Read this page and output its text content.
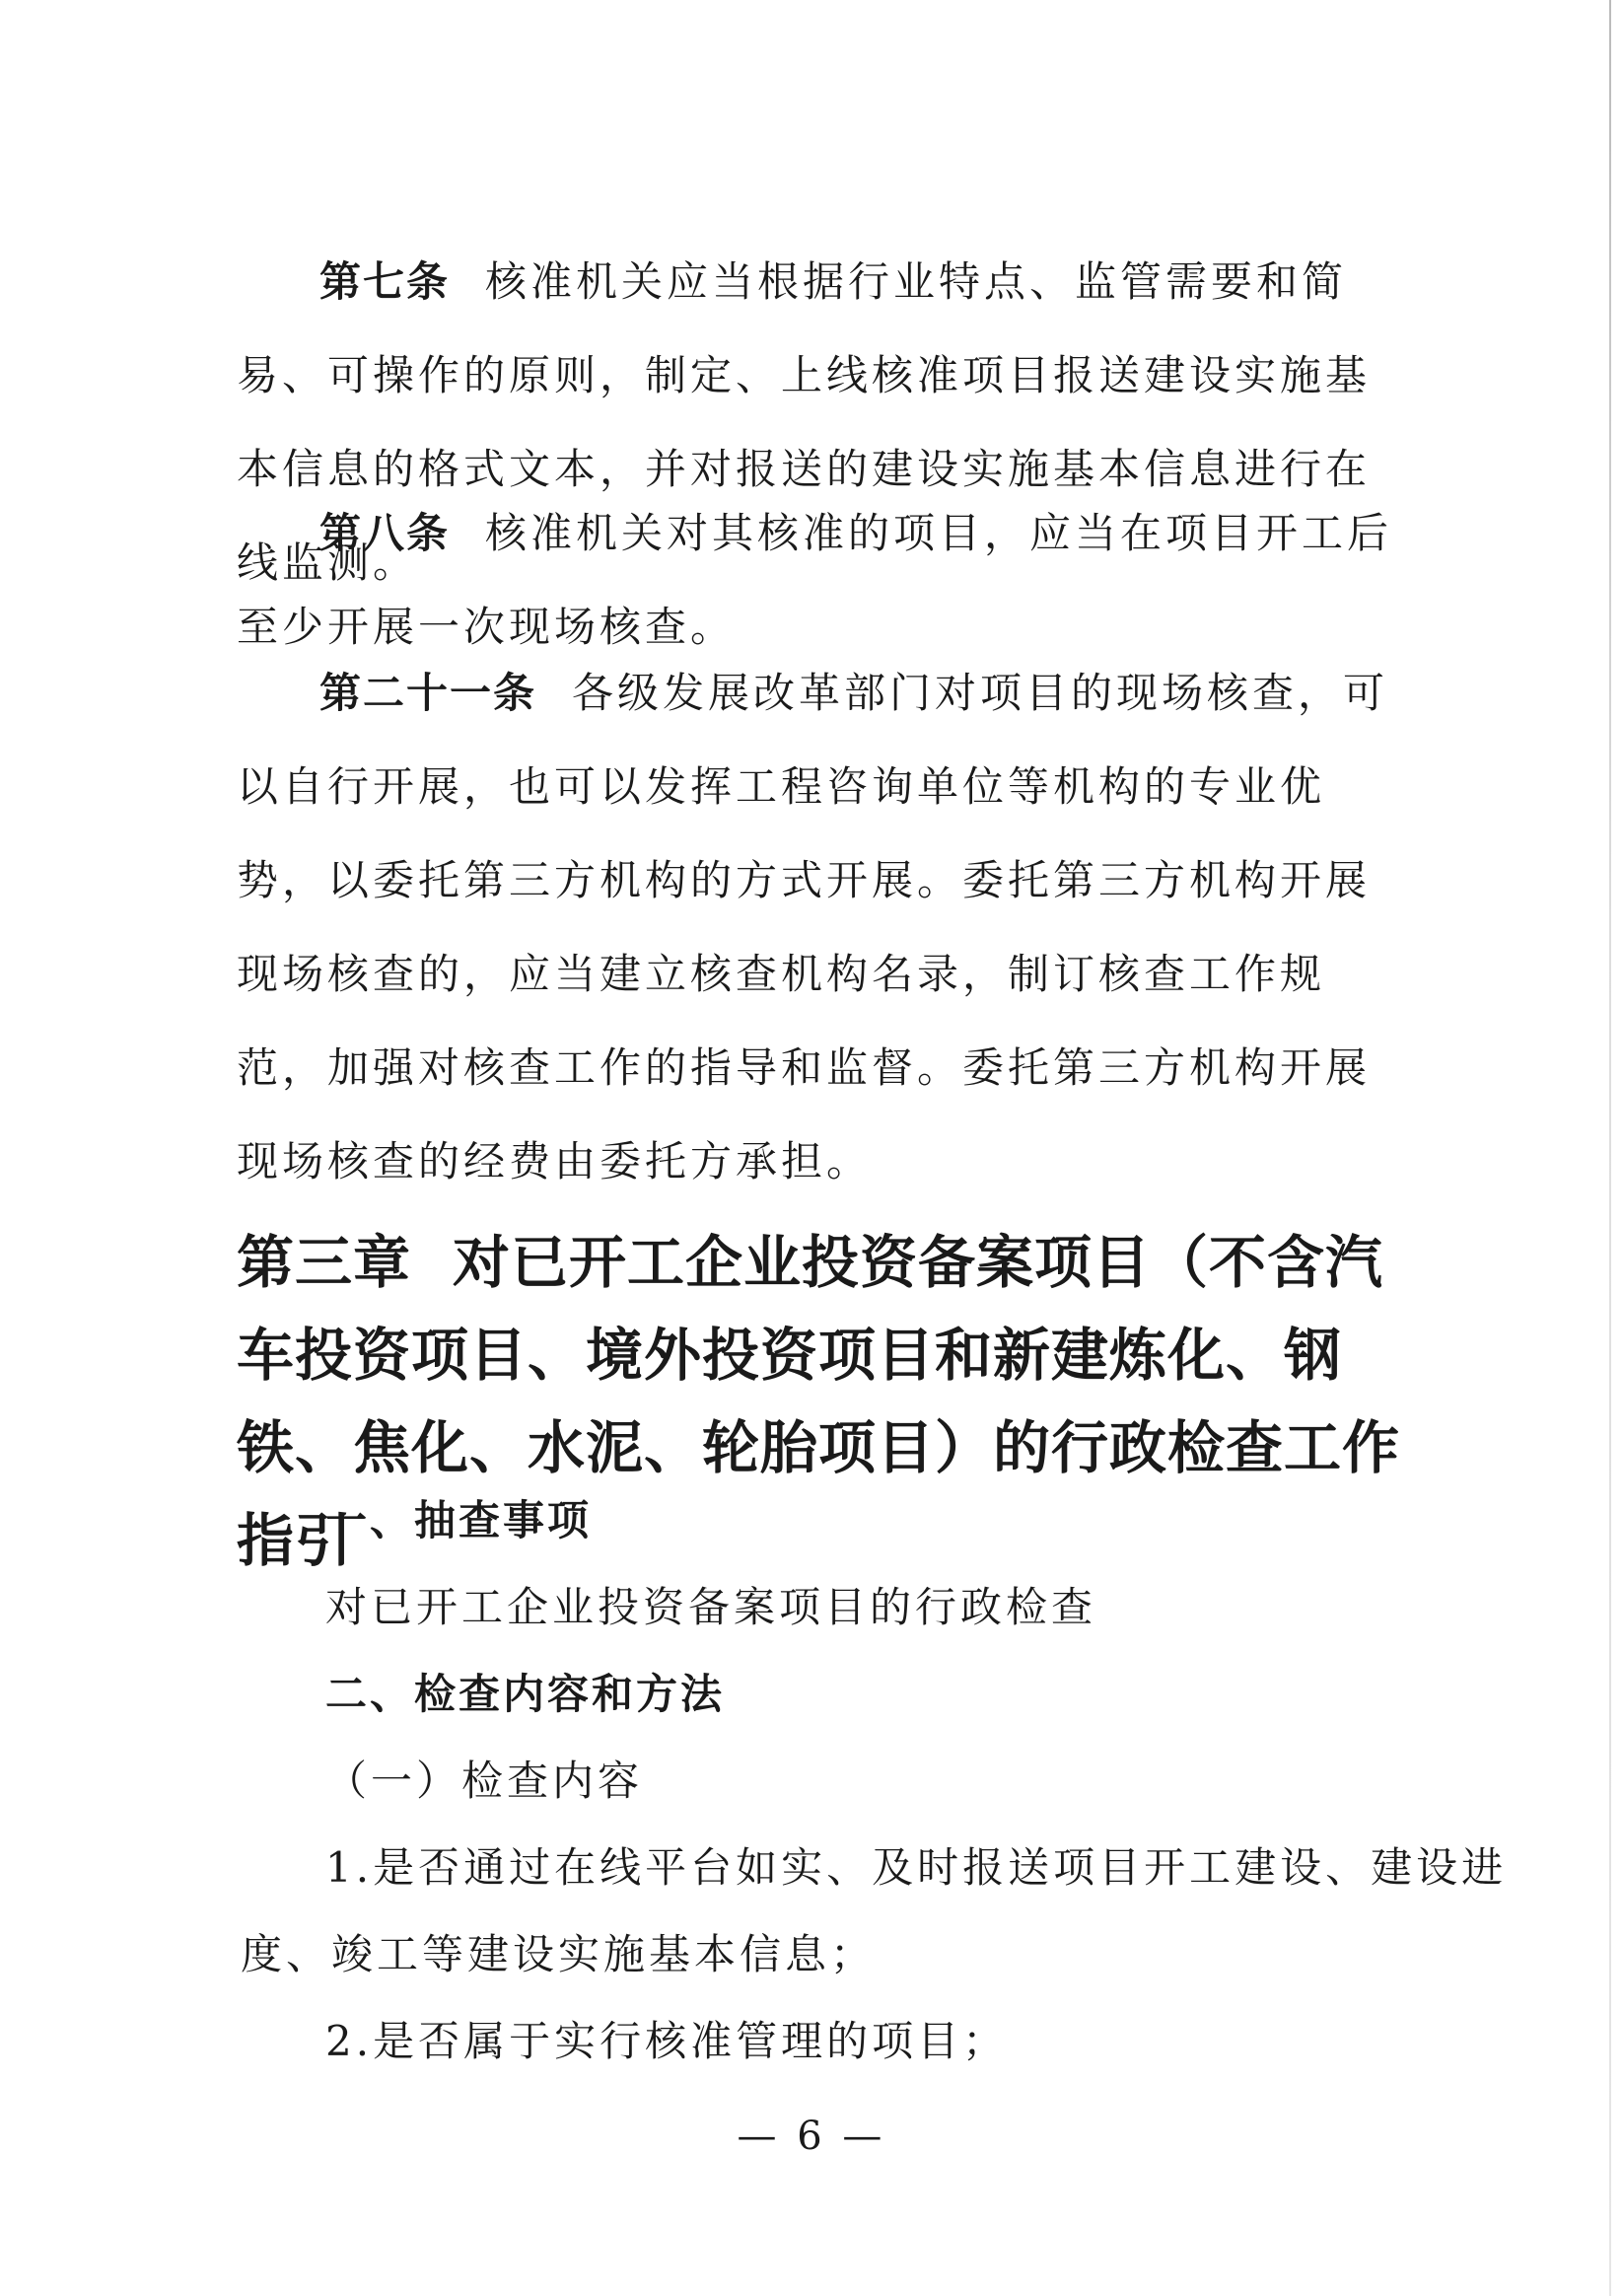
第七条 核准机关应当根据行业特点、监管需要和简易、可操作的原则，制定、上线核准项目报送建设实施基本信息的格式文本，并对报送的建设实施基本信息进行在线监测。

第八条 核准机关对其核准的项目，应当在项目开工后至少开展一次现场核查。

第二十一条 各级发展改革部门对项目的现场核查，可以自行开展，也可以发挥工程咨询单位等机构的专业优势，以委托第三方机构的方式开展。委托第三方机构开展现场核查的，应当建立核查机构名录，制订核查工作规范，加强对核查工作的指导和监督。委托第三方机构开展现场核查的经费由委托方承担。

第三章 对已开工企业投资备案项目（不含汽车投资项目、境外投资项目和新建炼化、钢铁、焦化、水泥、轮胎项目）的行政检查工作指引
一、抽查事项

对已开工企业投资备案项目的行政检查

二、检查内容和方法

（一）检查内容

1.是否通过在线平台如实、及时报送项目开工建设、建设进

度、竣工等建设实施基本信息；

2.是否属于实行核准管理的项目；

— 6 —
